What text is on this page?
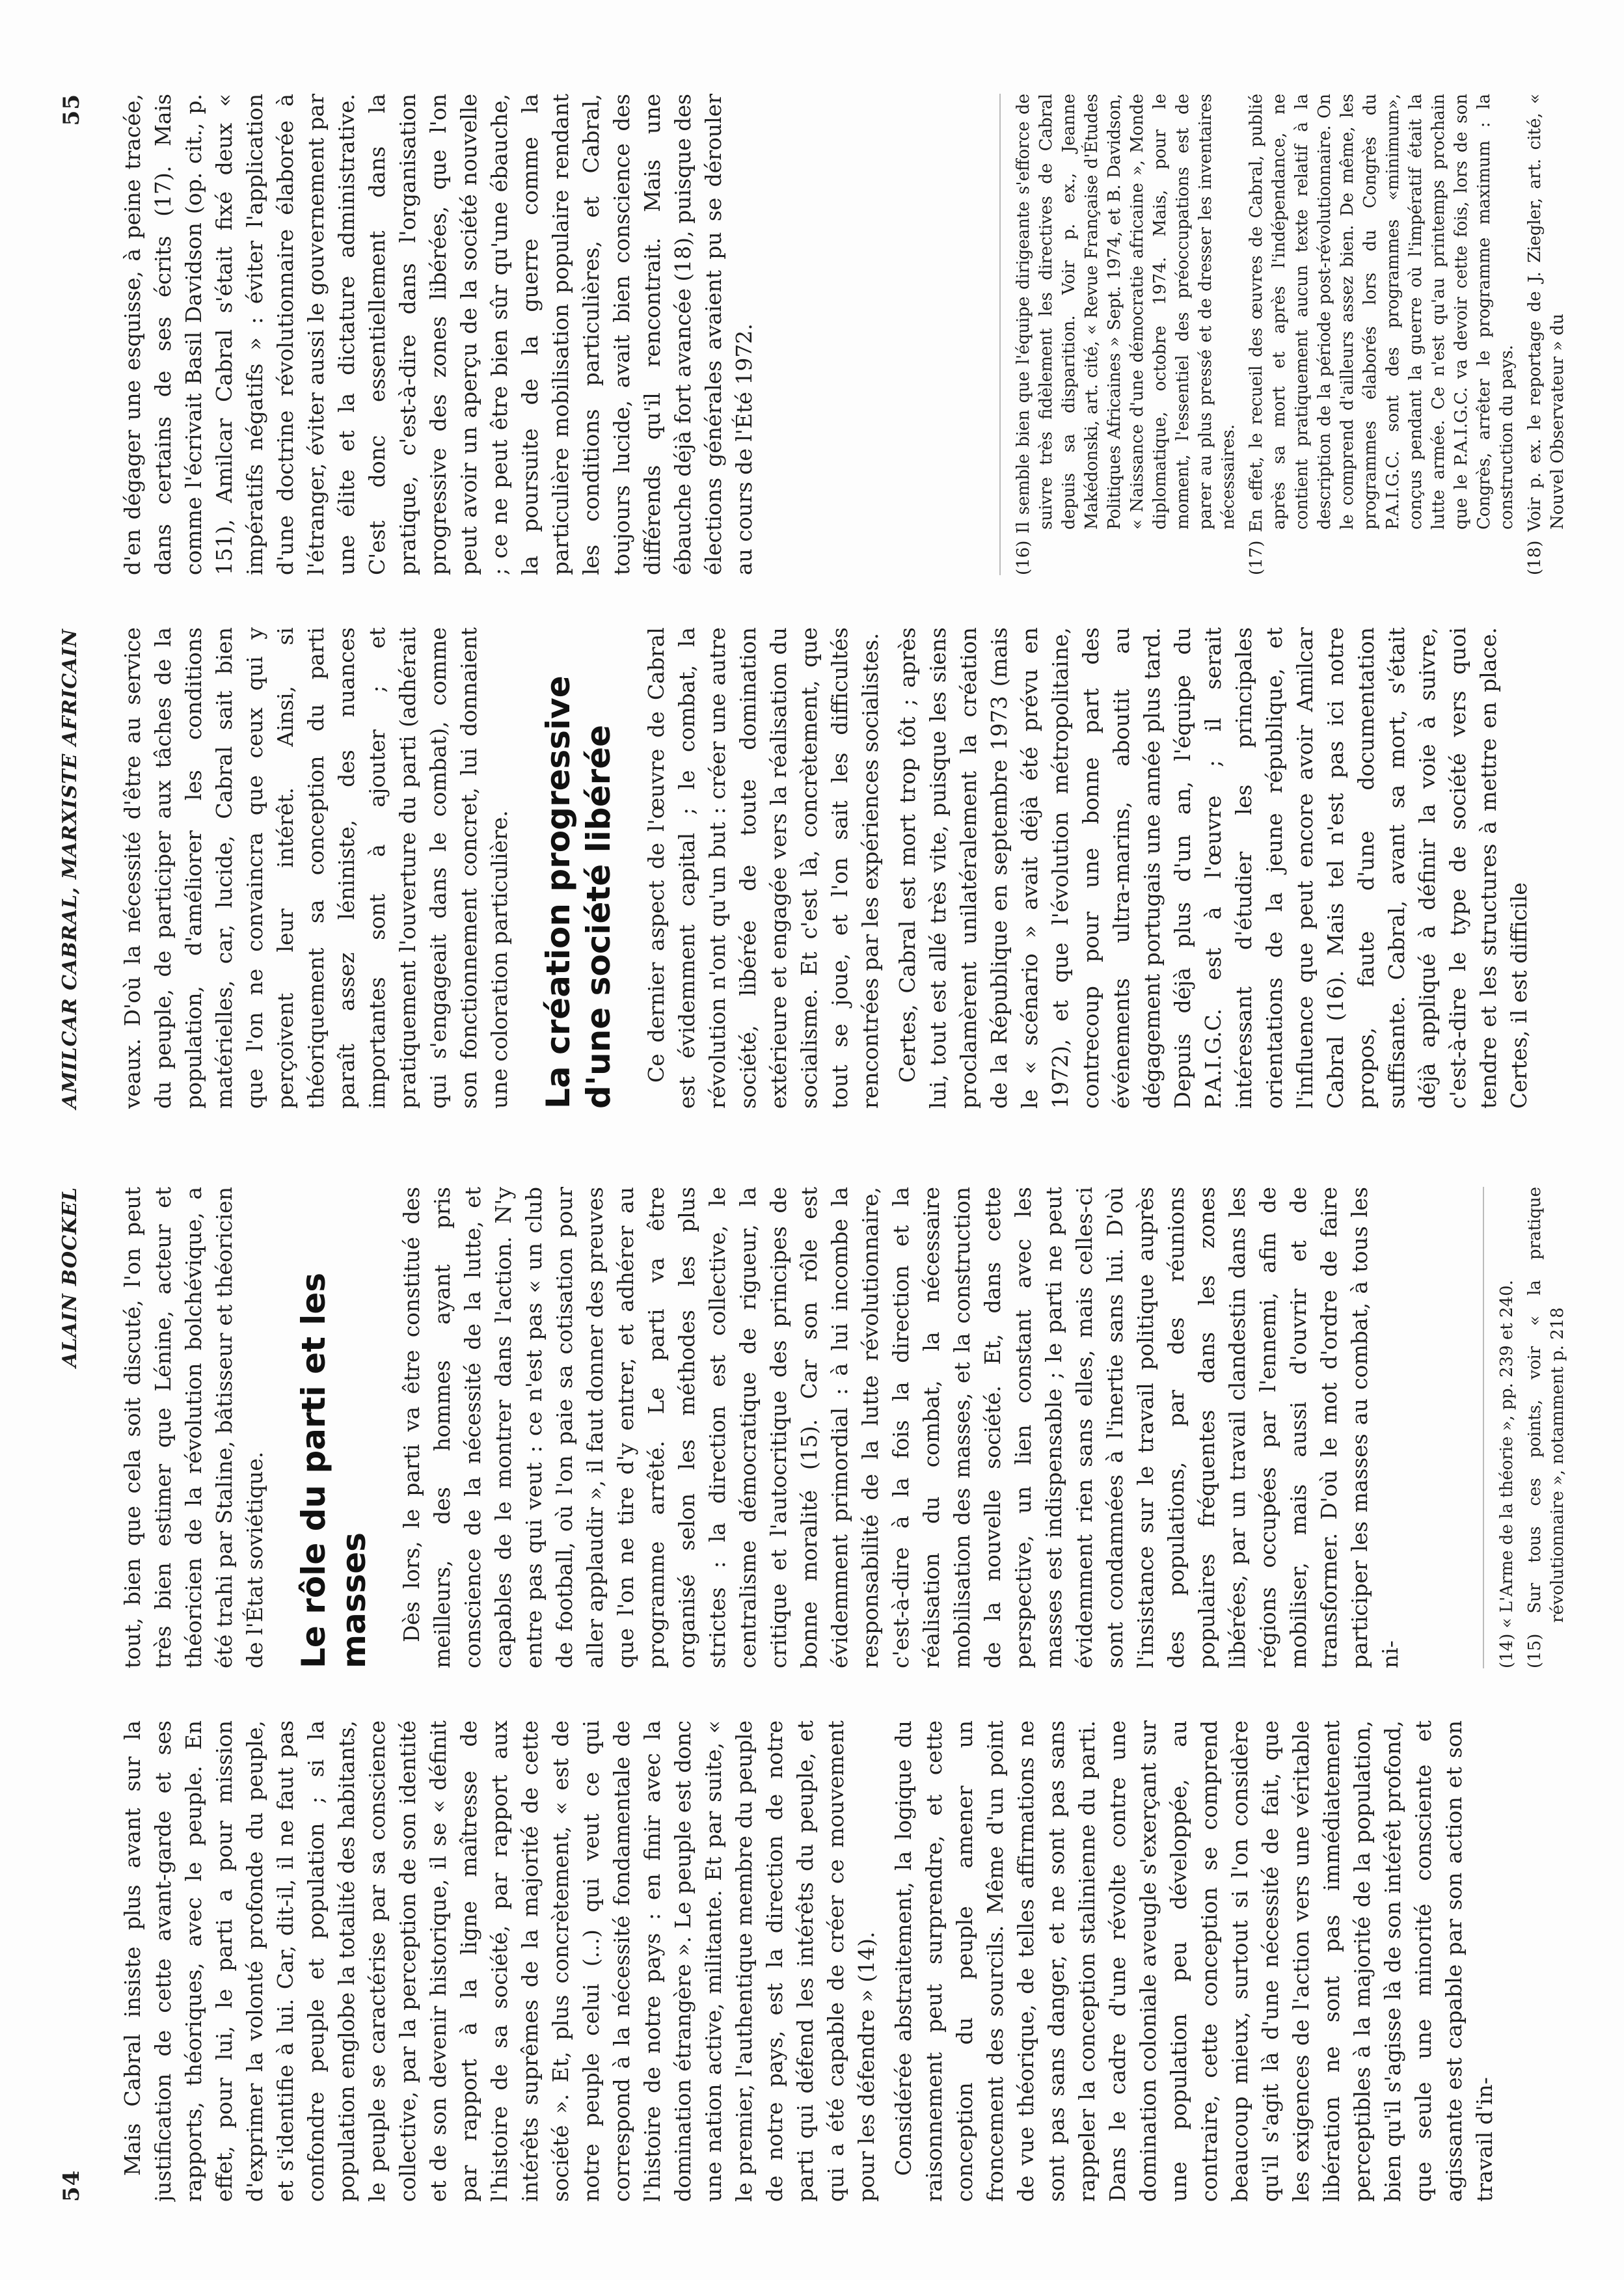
54
ALAIN BOCKEL

Mais Cabral insiste plus avant sur la justification de cette avant-garde et ses rapports, théoriques, avec le peuple. En effet, pour lui, le parti a pour mission d'exprimer la volonté profonde du peuple, et s'identifie à lui. Car, dit-il, il ne faut pas confondre peuple et population ; si la population englobe la totalité des habitants, le peuple se caractérise par sa conscience collective, par la perception de son identité et de son devenir historique, il se « définit par rapport à la ligne maîtresse de l'histoire de sa société, par rapport aux intérêts suprêmes de la majorité de cette société ». Et, plus concrètement, « est de notre peuple celui (...) qui veut ce qui correspond à la nécessité fondamentale de l'histoire de notre pays : en finir avec la domination étrangère ». Le peuple est donc une nation active, militante. Et par suite, « le premier, l'authentique membre du peuple de notre pays, est la direction de notre parti qui défend les intérêts du peuple, et qui a été capable de créer ce mouvement pour les défendre » (14). Considérée abstraitement, la logique du raisonnement peut surprendre, et cette conception du peuple amener un froncement des sourcils. Même d'un point de vue théorique, de telles affirmations ne sont pas sans danger, et ne sont pas sans rappeler la conception stalinienne du parti. Dans le cadre d'une révolte contre une domination coloniale aveugle s'exerçant sur une population peu développée, au contraire, cette conception se comprend beaucoup mieux, surtout si l'on considère qu'il s'agit là d'une nécessité de fait, que les exigences de l'action vers une véritable libération ne sont pas immédiatement perceptibles à la majorité de la population, bien qu'il s'agisse là de son intérêt profond, que seule une minorité consciente et agissante est capable par son action et son travail d'in-

tout, bien que cela soit discuté, l'on peut très bien estimer que Lénine, acteur et théoricien de la révolution bolchévique, a été trahi par Staline, bâtisseur et théoricien de l'État soviétique. Le rôle du parti et les masses Dès lors, le parti va être constitué des meilleurs, des hommes ayant pris conscience de la nécessité de la lutte, et capables de le montrer dans l'action. N'y entre pas qui veut : ce n'est pas « un club de football, où l'on paie sa cotisation pour aller applaudir », il faut donner des preuves que l'on ne tire d'y entrer, et adhérer au programme arrêté. Le parti va être organisé selon les méthodes les plus strictes : la direction est collective, le centralisme démocratique de rigueur, la critique et l'autocritique des principes de bonne moralité (15). Car son rôle est évidemment primordial : à lui incombe la responsabilité de la lutte révolutionnaire, c'est-à-dire à la fois la direction et la réalisation du combat, la nécessaire mobilisation des masses, et la construction de la nouvelle société. Et, dans cette perspective, un lien constant avec les masses est indispensable ; le parti ne peut évidemment rien sans elles, mais celles-ci sont condamnées à l'inertie sans lui. D'où l'insistance sur le travail politique auprès des populations, par des réunions populaires fréquentes dans les zones libérées, par un travail clandestin dans les régions occupées par l'ennemi, afin de mobiliser, mais aussi d'ouvrir et de transformer. D'où le mot d'ordre de faire participer les masses au combat, à tous les ni-	(14) « L'Arme de la théorie », pp. 239 et 240. (15) Sur tous ces points, voir « la pratique révolutionnaire », notamment p. 218

AMILCAR CABRAL, MARXISTE AFRICAIN
55

veaux. D'où la nécessité d'être au service du peuple, de participer aux tâches de la population, d'améliorer les conditions matérielles, car, lucide, Cabral sait bien que l'on ne convaincra que ceux qui y perçoivent leur intérêt. Ainsi, si théoriquement sa conception du parti paraît assez léniniste, des nuances importantes sont à ajouter ; et pratiquement l'ouverture du parti (adhérait qui s'engageait dans le combat), comme son fonctionnement concret, lui donnaient une coloration particulière. La création progressive d'une société libérée Ce dernier aspect de l'œuvre de Cabral est évidemment capital ; le combat, la révolution n'ont qu'un but : créer une autre société, libérée de toute domination extérieure et engagée vers la réalisation du socialisme. Et c'est là, concrètement, que tout se joue, et l'on sait les difficultés rencontrées par les expériences socialistes. Certes, Cabral est mort trop tôt ; après lui, tout est allé très vite, puisque les siens proclamèrent unilatéralement la création de la République en septembre 1973 (mais le « scénario » avait déjà été prévu en 1972), et que l'évolution métropolitaine, contrecoup pour une bonne part des événements ultra-marins, aboutit au dégagement portugais une année plus tard. Depuis déjà plus d'un an, l'équipe du P.A.I.G.C. est à l'œuvre ; il serait intéressant d'étudier les principales orientations de la jeune république, et l'influence que peut encore avoir Amilcar Cabral (16). Mais tel n'est pas ici notre propos, faute d'une documentation suffisante. Cabral, avant sa mort, s'était déjà appliqué à définir la voie à suivre, c'est-à-dire le type de société vers quoi tendre et les structures à mettre en place. Certes, il est difficile

d'en dégager une esquisse, à peine tracée, dans certains de ses écrits (17). Mais comme l'écrivait Basil Davidson (op. cit., p. 151), Amilcar Cabral s'était fixé deux « impératifs négatifs » : éviter l'application d'une doctrine révolutionnaire élaborée à l'étranger, éviter aussi le gouvernement par une élite et la dictature administrative. C'est donc essentiellement dans la pratique, c'est-à-dire dans l'organisation progressive des zones libérées, que l'on peut avoir un aperçu de la société nouvelle ; ce ne peut être bien sûr qu'une ébauche, la poursuite de la guerre comme la particulière mobilisation populaire rendant les conditions particulières, et Cabral, toujours lucide, avait bien conscience des différends qu'il rencontrait. Mais une ébauche déjà fort avancée (18), puisque des élections générales avaient pu se dérouler au cours de l'Été 1972.	(16) Il semble bien que l'équipe dirigeante s'efforce de suivre très fidèlement les directives de Cabral depuis sa disparition. Voir p. ex., Jeanne Makédonski, art. cité, « Revue Française d'Études Politiques Africaines » Sept. 1974, et B. Davidson, « Naissance d'une démocratie africaine », Monde diplomatique, octobre 1974. Mais, pour le moment, l'essentiel des préoccupations est de parer au plus pressé et de dresser les inventaires nécessaires. (17) En effet, le recueil des œuvres de Cabral, publié après sa mort et après l'indépendance, ne contient pratiquement aucun texte relatif à la description de la période post-révolutionnaire. On le comprend d'ailleurs assez bien. De même, les programmes élaborés lors du Congrès du P.A.I.G.C. sont des programmes «minimum», conçus pendant la guerre où l'impératif était la lutte armée. Ce n'est qu'au printemps prochain que le P.A.I.G.C. va devoir cette fois, lors de son Congrès, arrêter le programme maximum : la construction du pays. (18) Voir p. ex. le reportage de J. Ziegler, art. cité, « Nouvel Observateur » du
